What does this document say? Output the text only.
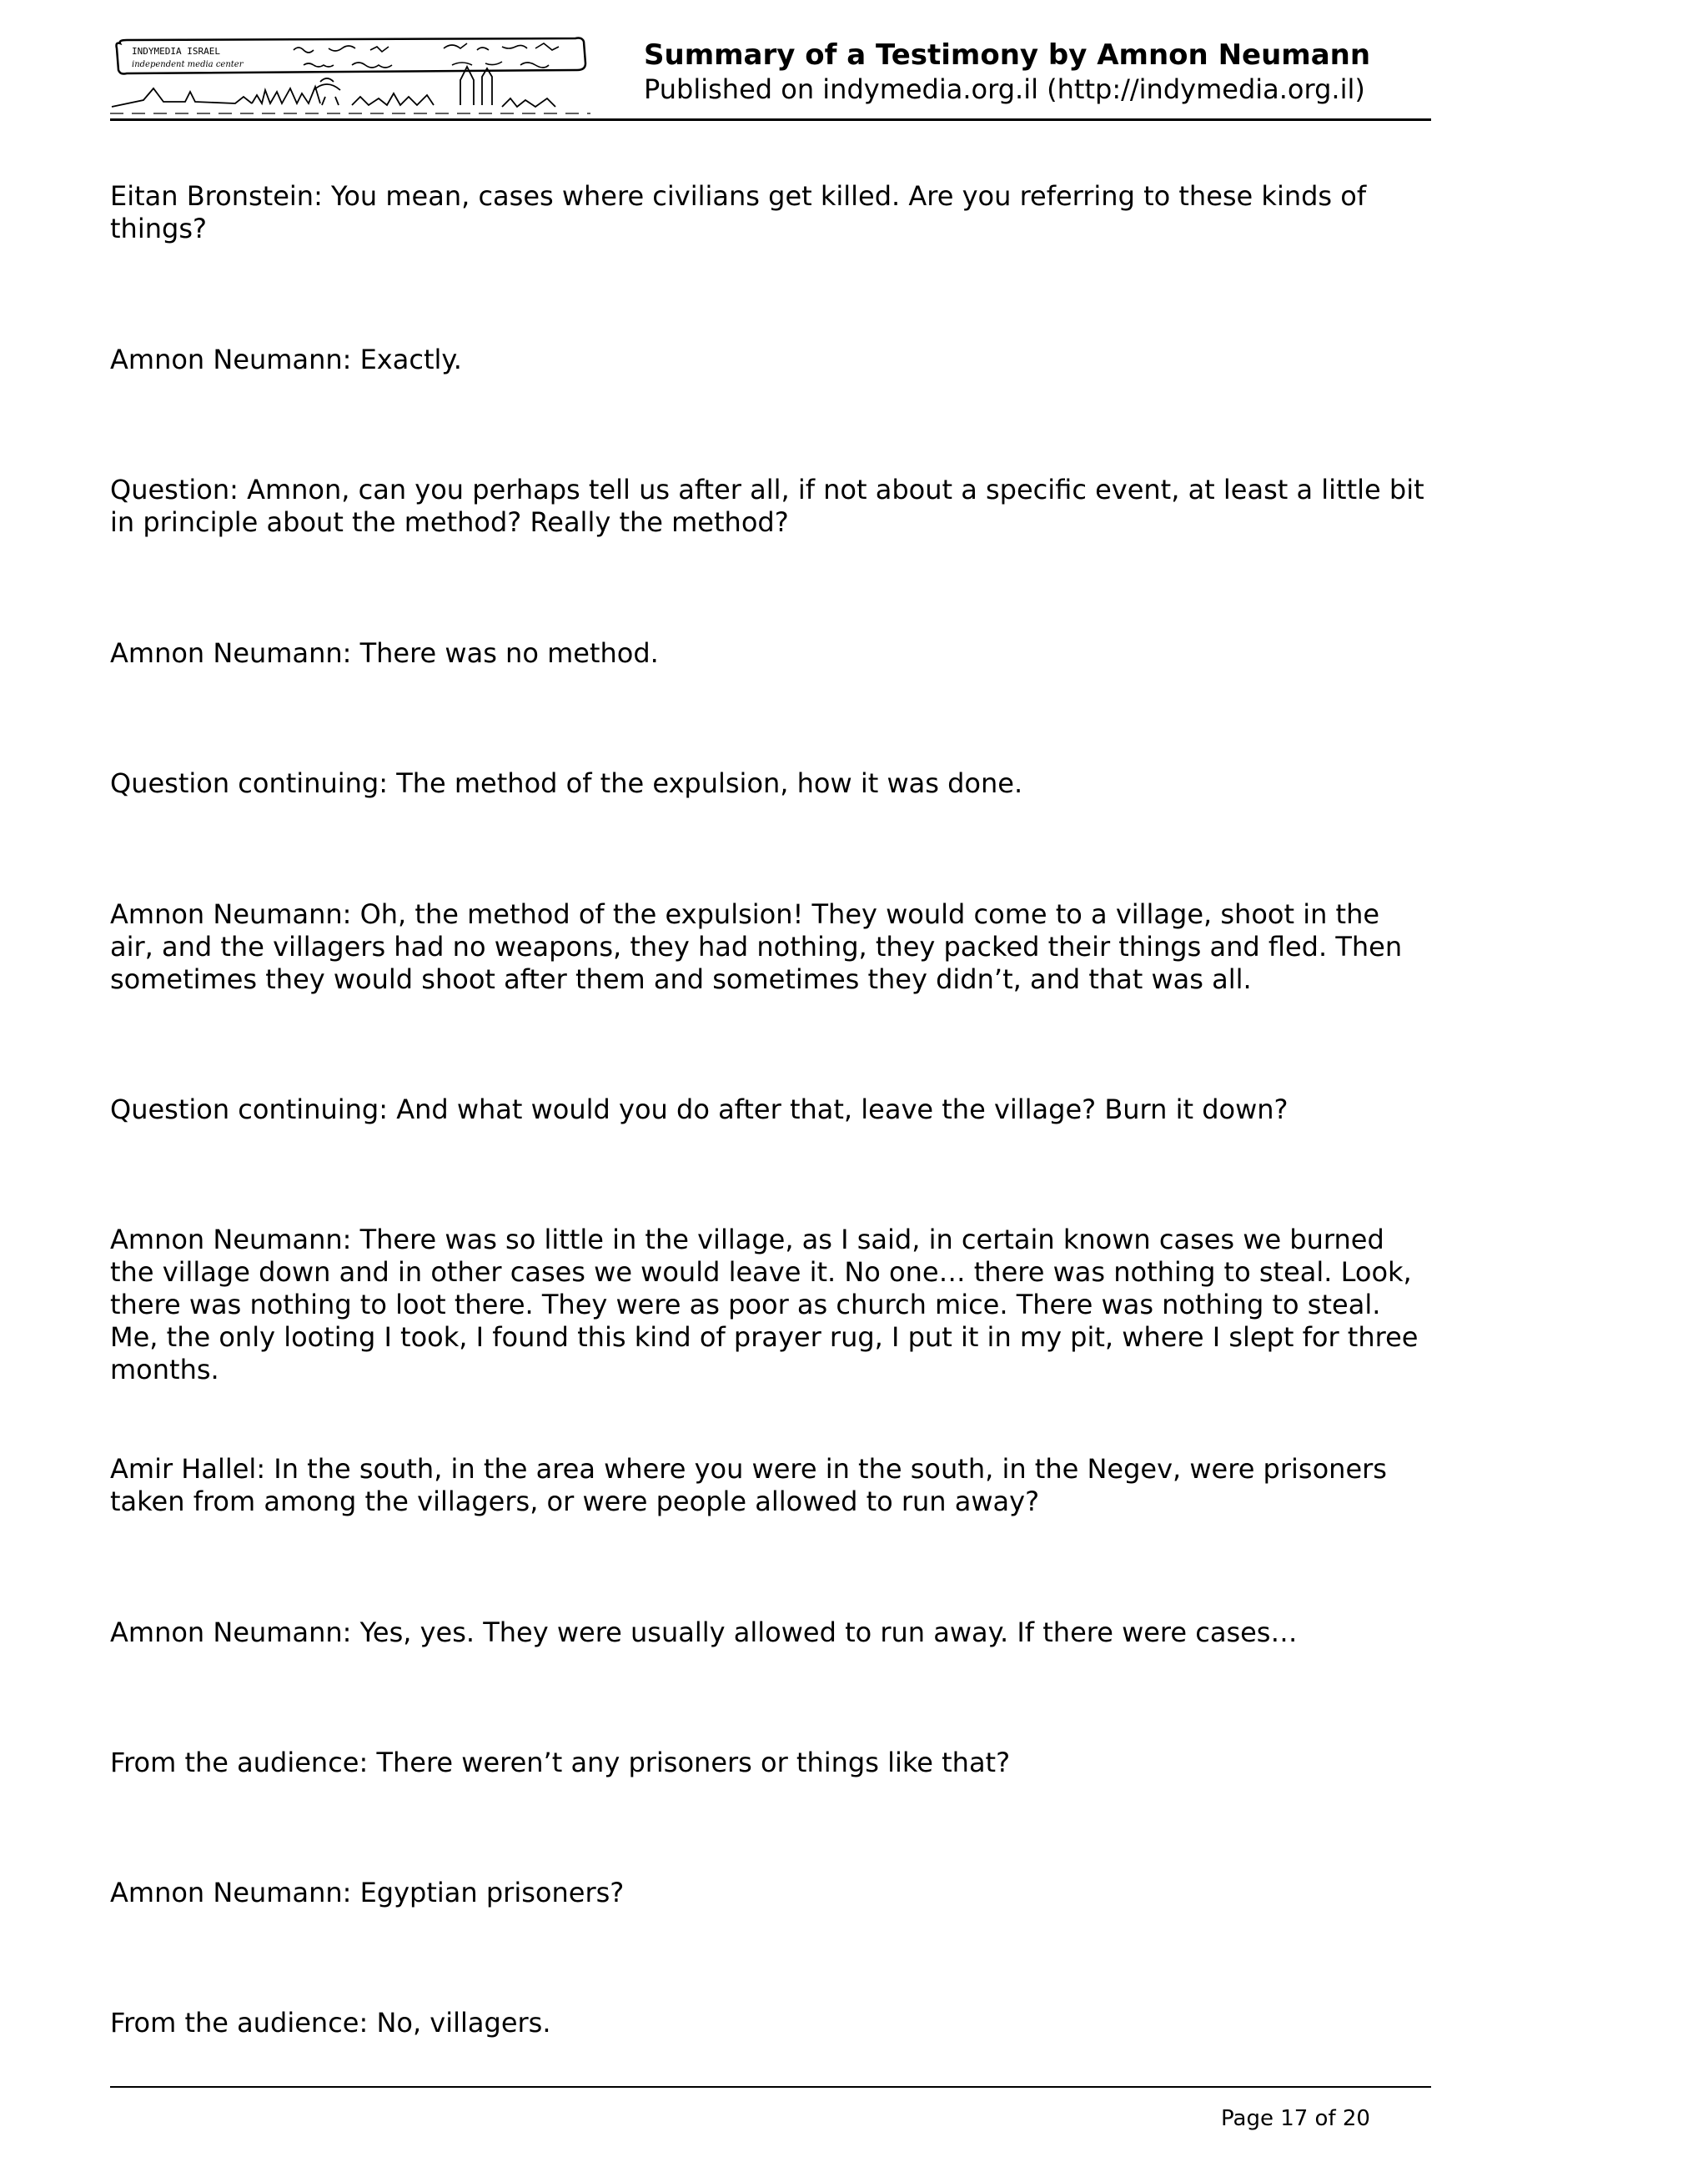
INDYMEDIA ISRAEL
independent media center	Summary of a Testimony by Amnon Neumann
Published on indymedia.org.il (http://indymedia.org.il)

Eitan Bronstein: You mean, cases where civilians get killed. Are you referring to these kinds of things?

Amnon Neumann: Exactly.

Question: Amnon, can you perhaps tell us after all, if not about a specific event, at least a little bit in principle about the method? Really the method?

Amnon Neumann: There was no method.

Question continuing: The method of the expulsion, how it was done.

Amnon Neumann: Oh, the method of the expulsion! They would come to a village, shoot in the air, and the villagers had no weapons, they had nothing, they packed their things and fled. Then sometimes they would shoot after them and sometimes they didn’t, and that was all.

Question continuing: And what would you do after that, leave the village? Burn it down?

Amnon Neumann: There was so little in the village, as I said, in certain known cases we burned the village down and in other cases we would leave it. No one… there was nothing to steal. Look, there was nothing to loot there. They were as poor as church mice. There was nothing to steal. Me, the only looting I took, I found this kind of prayer rug, I put it in my pit, where I slept for three months.

Amir Hallel: In the south, in the area where you were in the south, in the Negev, were prisoners taken from among the villagers, or were people allowed to run away?

Amnon Neumann: Yes, yes. They were usually allowed to run away. If there were cases…

From the audience: There weren’t any prisoners or things like that?

Amnon Neumann: Egyptian prisoners?

From the audience: No, villagers.

Page 17 of 20
